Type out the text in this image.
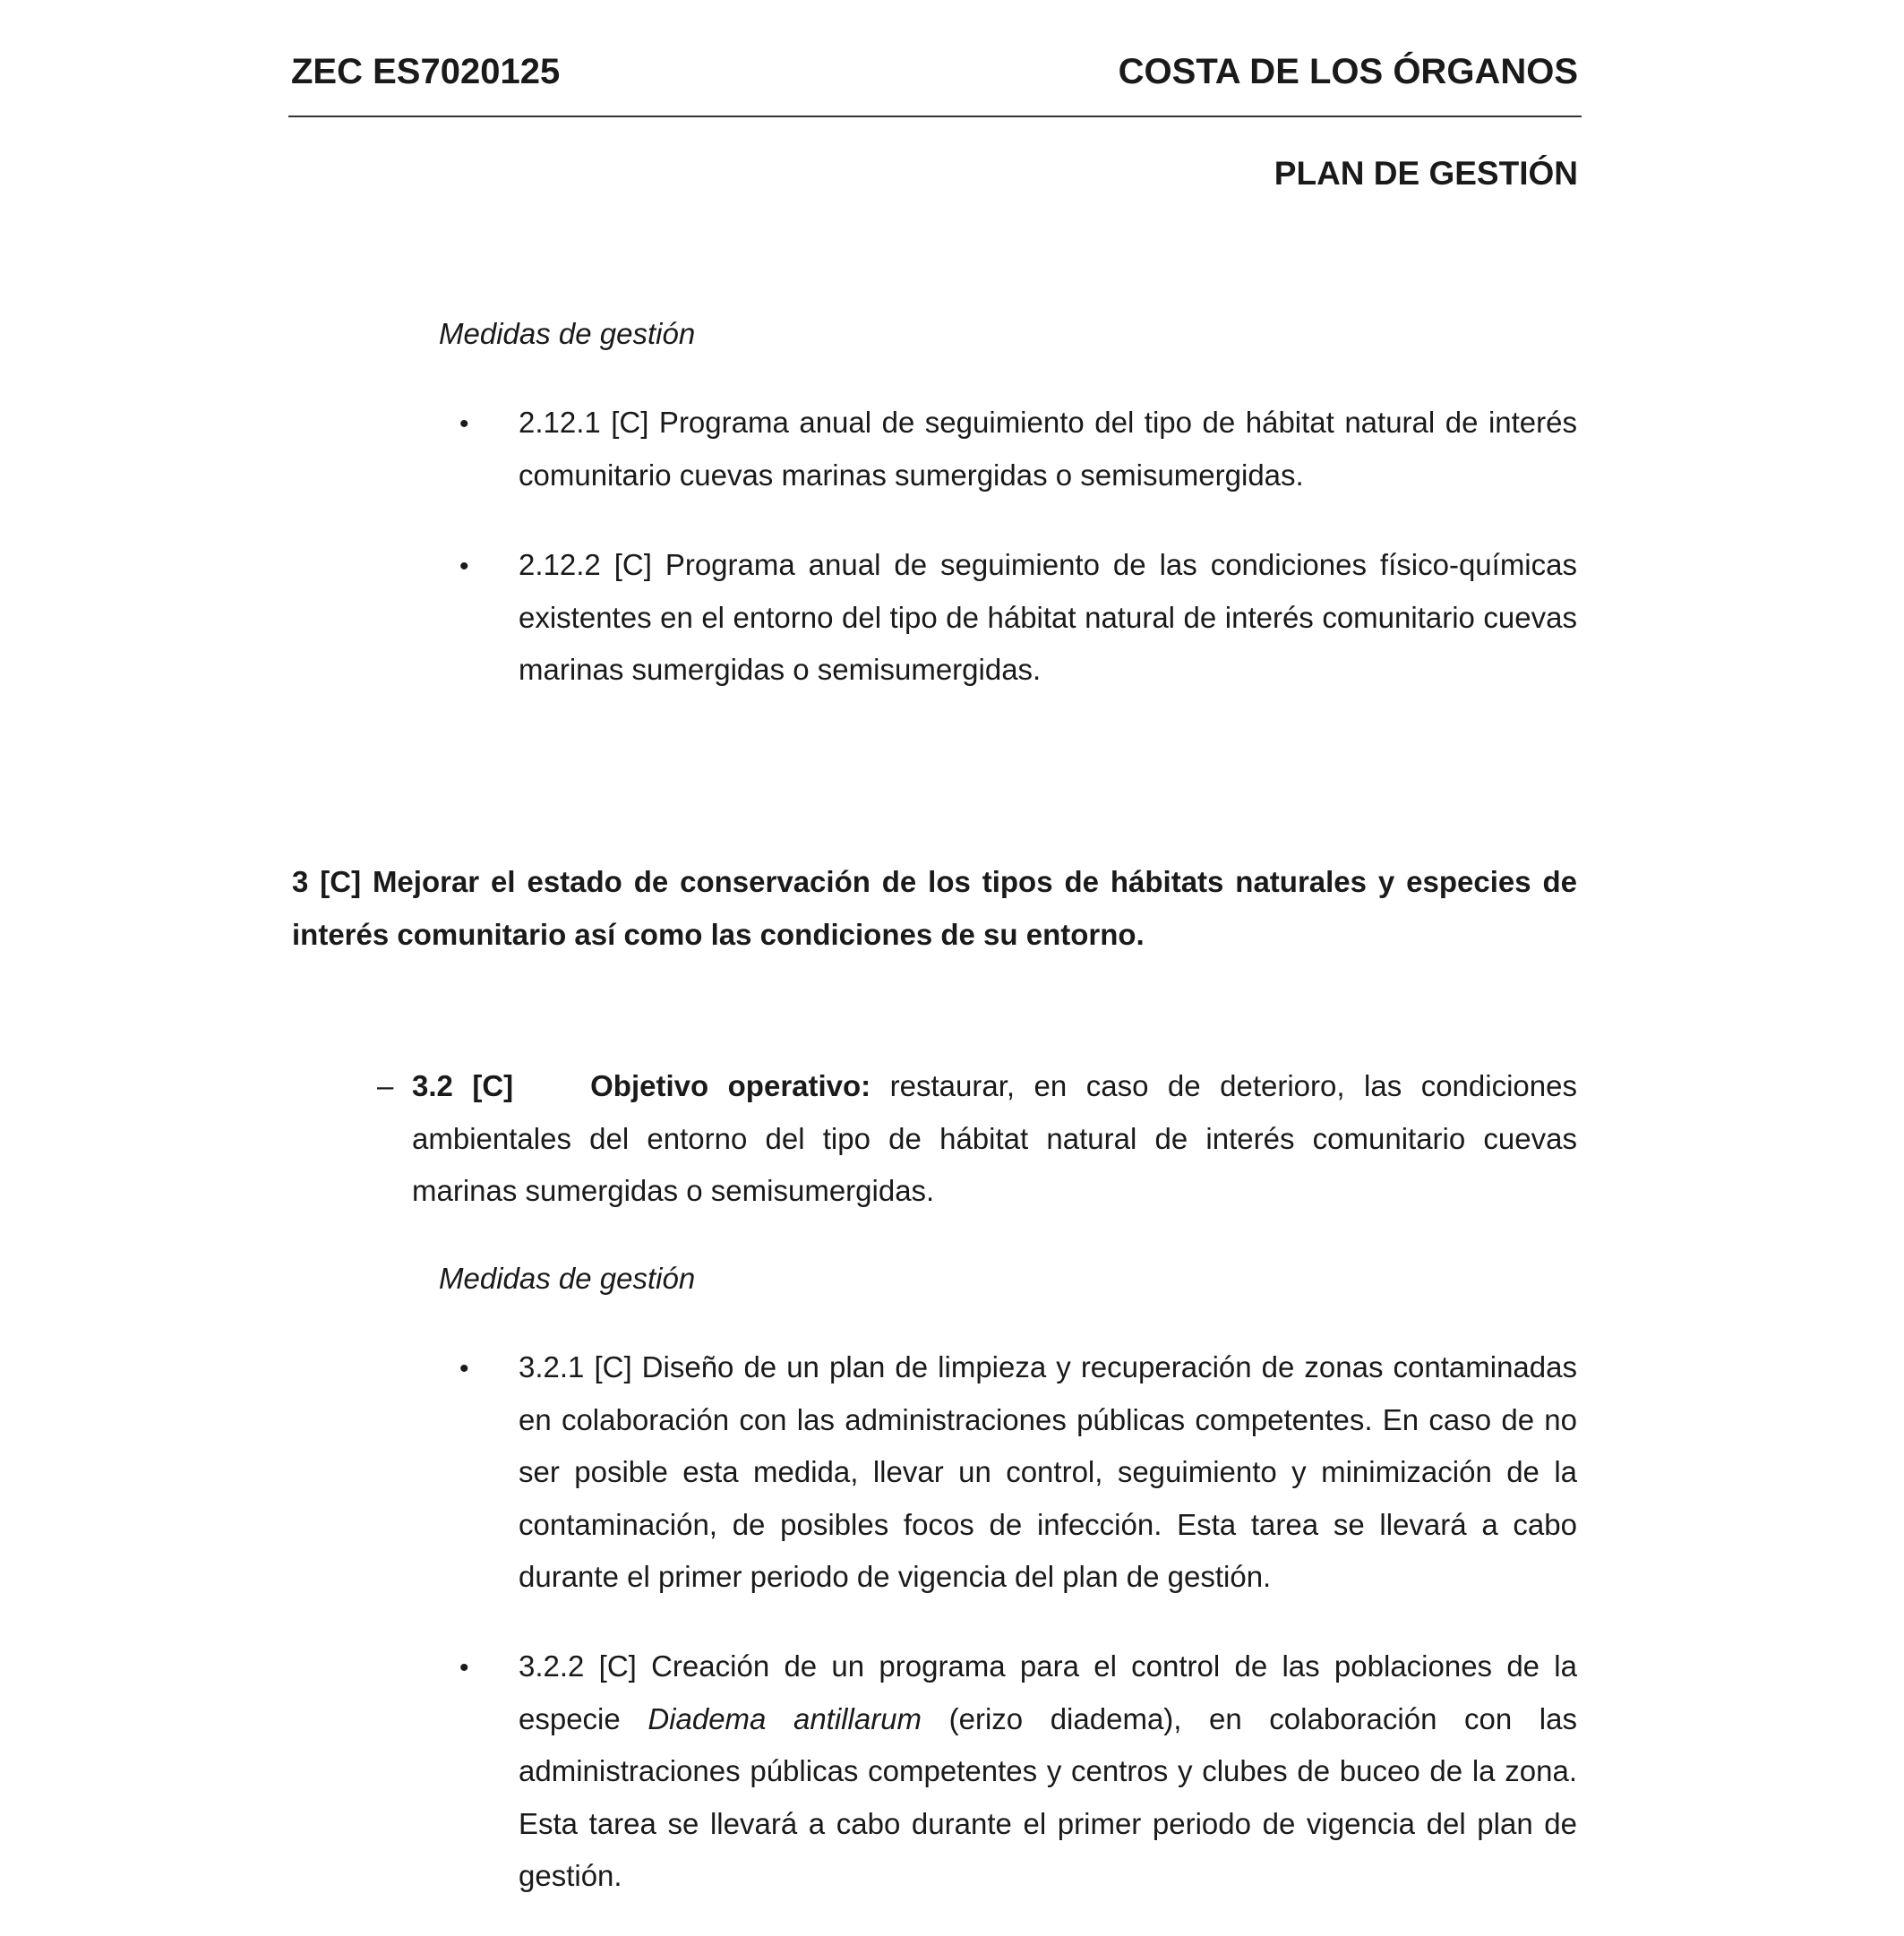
ZEC ES7020125	COSTA DE LOS ÓRGANOS
PLAN DE GESTIÓN
Medidas de gestión
• 2.12.1 [C] Programa anual de seguimiento del tipo de hábitat natural de interés comunitario cuevas marinas sumergidas o semisumergidas.
• 2.12.2 [C] Programa anual de seguimiento de las condiciones físico-químicas existentes en el entorno del tipo de hábitat natural de interés comunitario cuevas marinas sumergidas o semisumergidas.
3 [C] Mejorar el estado de conservación de los tipos de hábitats naturales y especies de interés comunitario así como las condiciones de su entorno.
– 3.2 [C]	Objetivo operativo: restaurar, en caso de deterioro, las condiciones ambientales del entorno del tipo de hábitat natural de interés comunitario cuevas marinas sumergidas o semisumergidas.
Medidas de gestión
• 3.2.1 [C] Diseño de un plan de limpieza y recuperación de zonas contaminadas en colaboración con las administraciones públicas competentes. En caso de no ser posible esta medida, llevar un control, seguimiento y minimización de la contaminación, de posibles focos de infección. Esta tarea se llevará a cabo durante el primer periodo de vigencia del plan de gestión.
• 3.2.2 [C] Creación de un programa para el control de las poblaciones de la especie Diadema antillarum (erizo diadema), en colaboración con las administraciones públicas competentes y centros y clubes de buceo de la zona. Esta tarea se llevará a cabo durante el primer periodo de vigencia del plan de gestión.
